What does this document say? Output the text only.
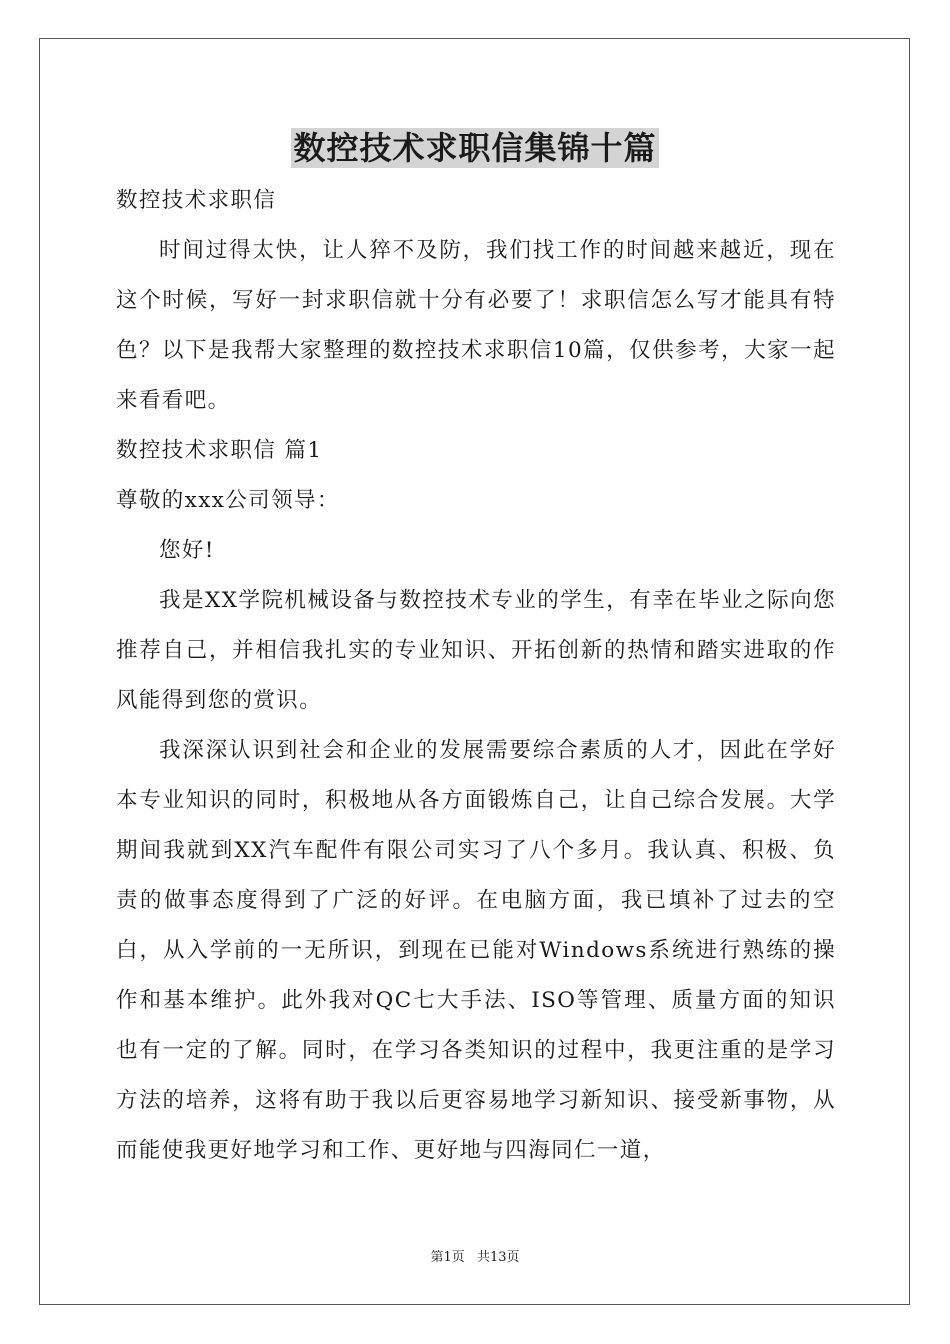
数控技术求职信集锦十篇

数控技术求职信

时间过得太快，让人猝不及防，我们找工作的时间越来越近，现在这个时候，写好一封求职信就十分有必要了！求职信怎么写才能具有特色？以下是我帮大家整理的数控技术求职信10篇，仅供参考，大家一起来看看吧。

数控技术求职信 篇1

尊敬的xxx公司领导：

您好!

我是XX学院机械设备与数控技术专业的学生，有幸在毕业之际向您推荐自己，并相信我扎实的专业知识、开拓创新的热情和踏实进取的作风能得到您的赏识。

我深深认识到社会和企业的发展需要综合素质的人才，因此在学好本专业知识的同时，积极地从各方面锻炼自己，让自己综合发展。大学期间我就到XX汽车配件有限公司实习了八个多月。我认真、积极、负责的做事态度得到了广泛的好评。在电脑方面，我已填补了过去的空白，从入学前的一无所识，到现在已能对Windows系统进行熟练的操作和基本维护。此外我对QC七大手法、ISO等管理、质量方面的知识也有一定的了解。同时，在学习各类知识的过程中，我更注重的是学习方法的培养，这将有助于我以后更容易地学习新知识、接受新事物，从而能使我更好地学习和工作、更好地与四海同仁一道，

第1页 共13页
